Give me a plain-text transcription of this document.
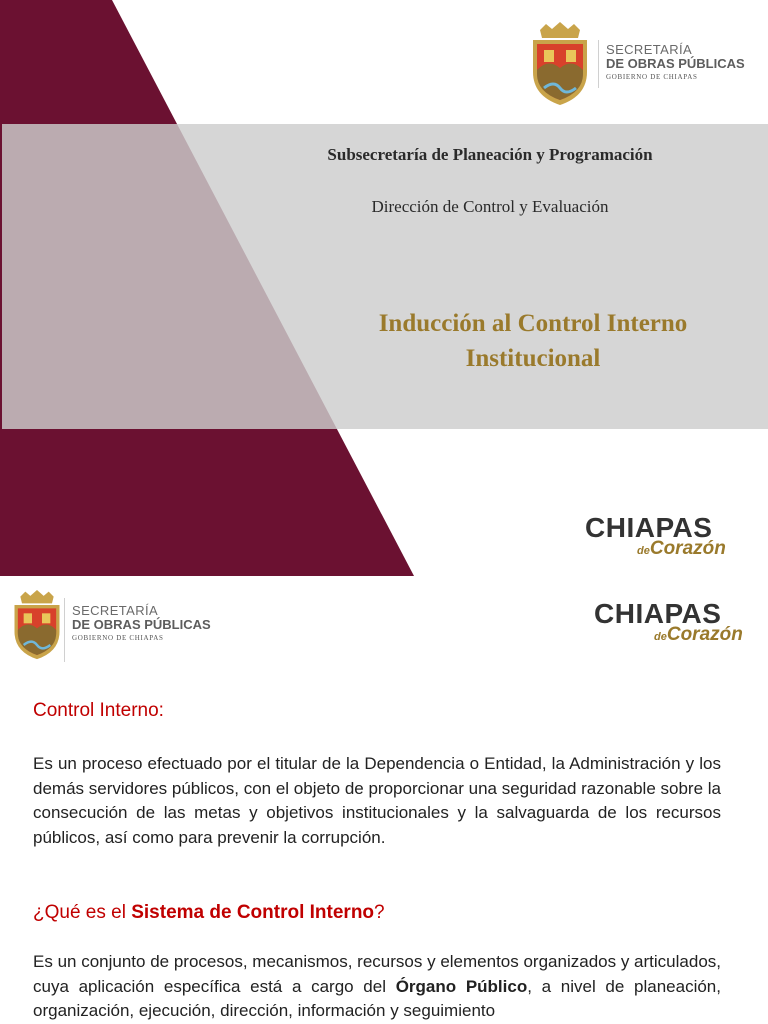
SECRETARÍA
DE OBRAS PÚBLICAS
GOBIERNO DE CHIAPAS
Subsecretaría de Planeación y Programación
Dirección de Control y Evaluación
Inducción al Control Interno
Institucional
CHIAPAS
deCorazón
SECRETARÍA
DE OBRAS PÚBLICAS
GOBIERNO DE CHIAPAS
CHIAPAS
deCorazón
Control Interno:

Es un proceso efectuado por el titular de la Dependencia o Entidad, la Administración y los demás servidores públicos, con el objeto de proporcionar una seguridad razonable sobre la consecución de las metas y objetivos institucionales y la salvaguarda de los recursos públicos, así como para prevenir la corrupción.

¿Qué es el Sistema de Control Interno?

Es un conjunto de procesos, mecanismos, recursos y elementos organizados y articulados, cuya aplicación específica está a cargo del Órgano Público, a nivel de planeación, organización, ejecución, dirección, información y seguimiento
